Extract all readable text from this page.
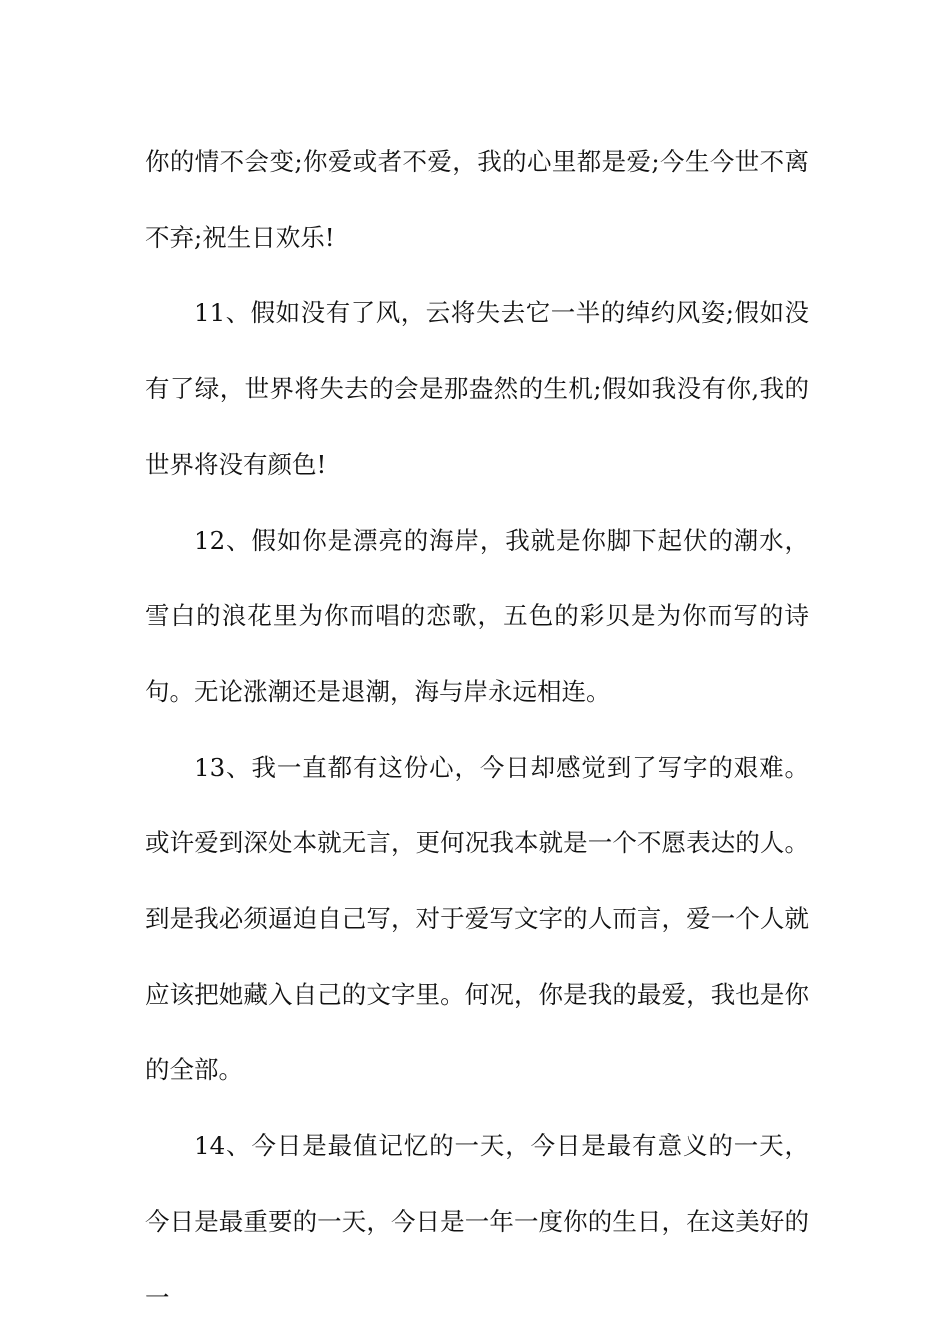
你的情不会变;你爱或者不爱，我的心里都是爱;今生今世不离不弃;祝生日欢乐!

11、假如没有了风，云将失去它一半的绰约风姿;假如没有了绿，世界将失去的会是那盎然的生机;假如我没有你,我的世界将没有颜色!

12、假如你是漂亮的海岸，我就是你脚下起伏的潮水，雪白的浪花里为你而唱的恋歌，五色的彩贝是为你而写的诗句。无论涨潮还是退潮，海与岸永远相连。

13、我一直都有这份心，今日却感觉到了写字的艰难。或许爱到深处本就无言，更何况我本就是一个不愿表达的人。到是我必须逼迫自己写，对于爱写文字的人而言，爱一个人就应该把她藏入自己的文字里。何况，你是我的最爱，我也是你的全部。

14、今日是最值记忆的一天，今日是最有意义的一天，今日是最重要的一天，今日是一年一度你的生日，在这美好的一
